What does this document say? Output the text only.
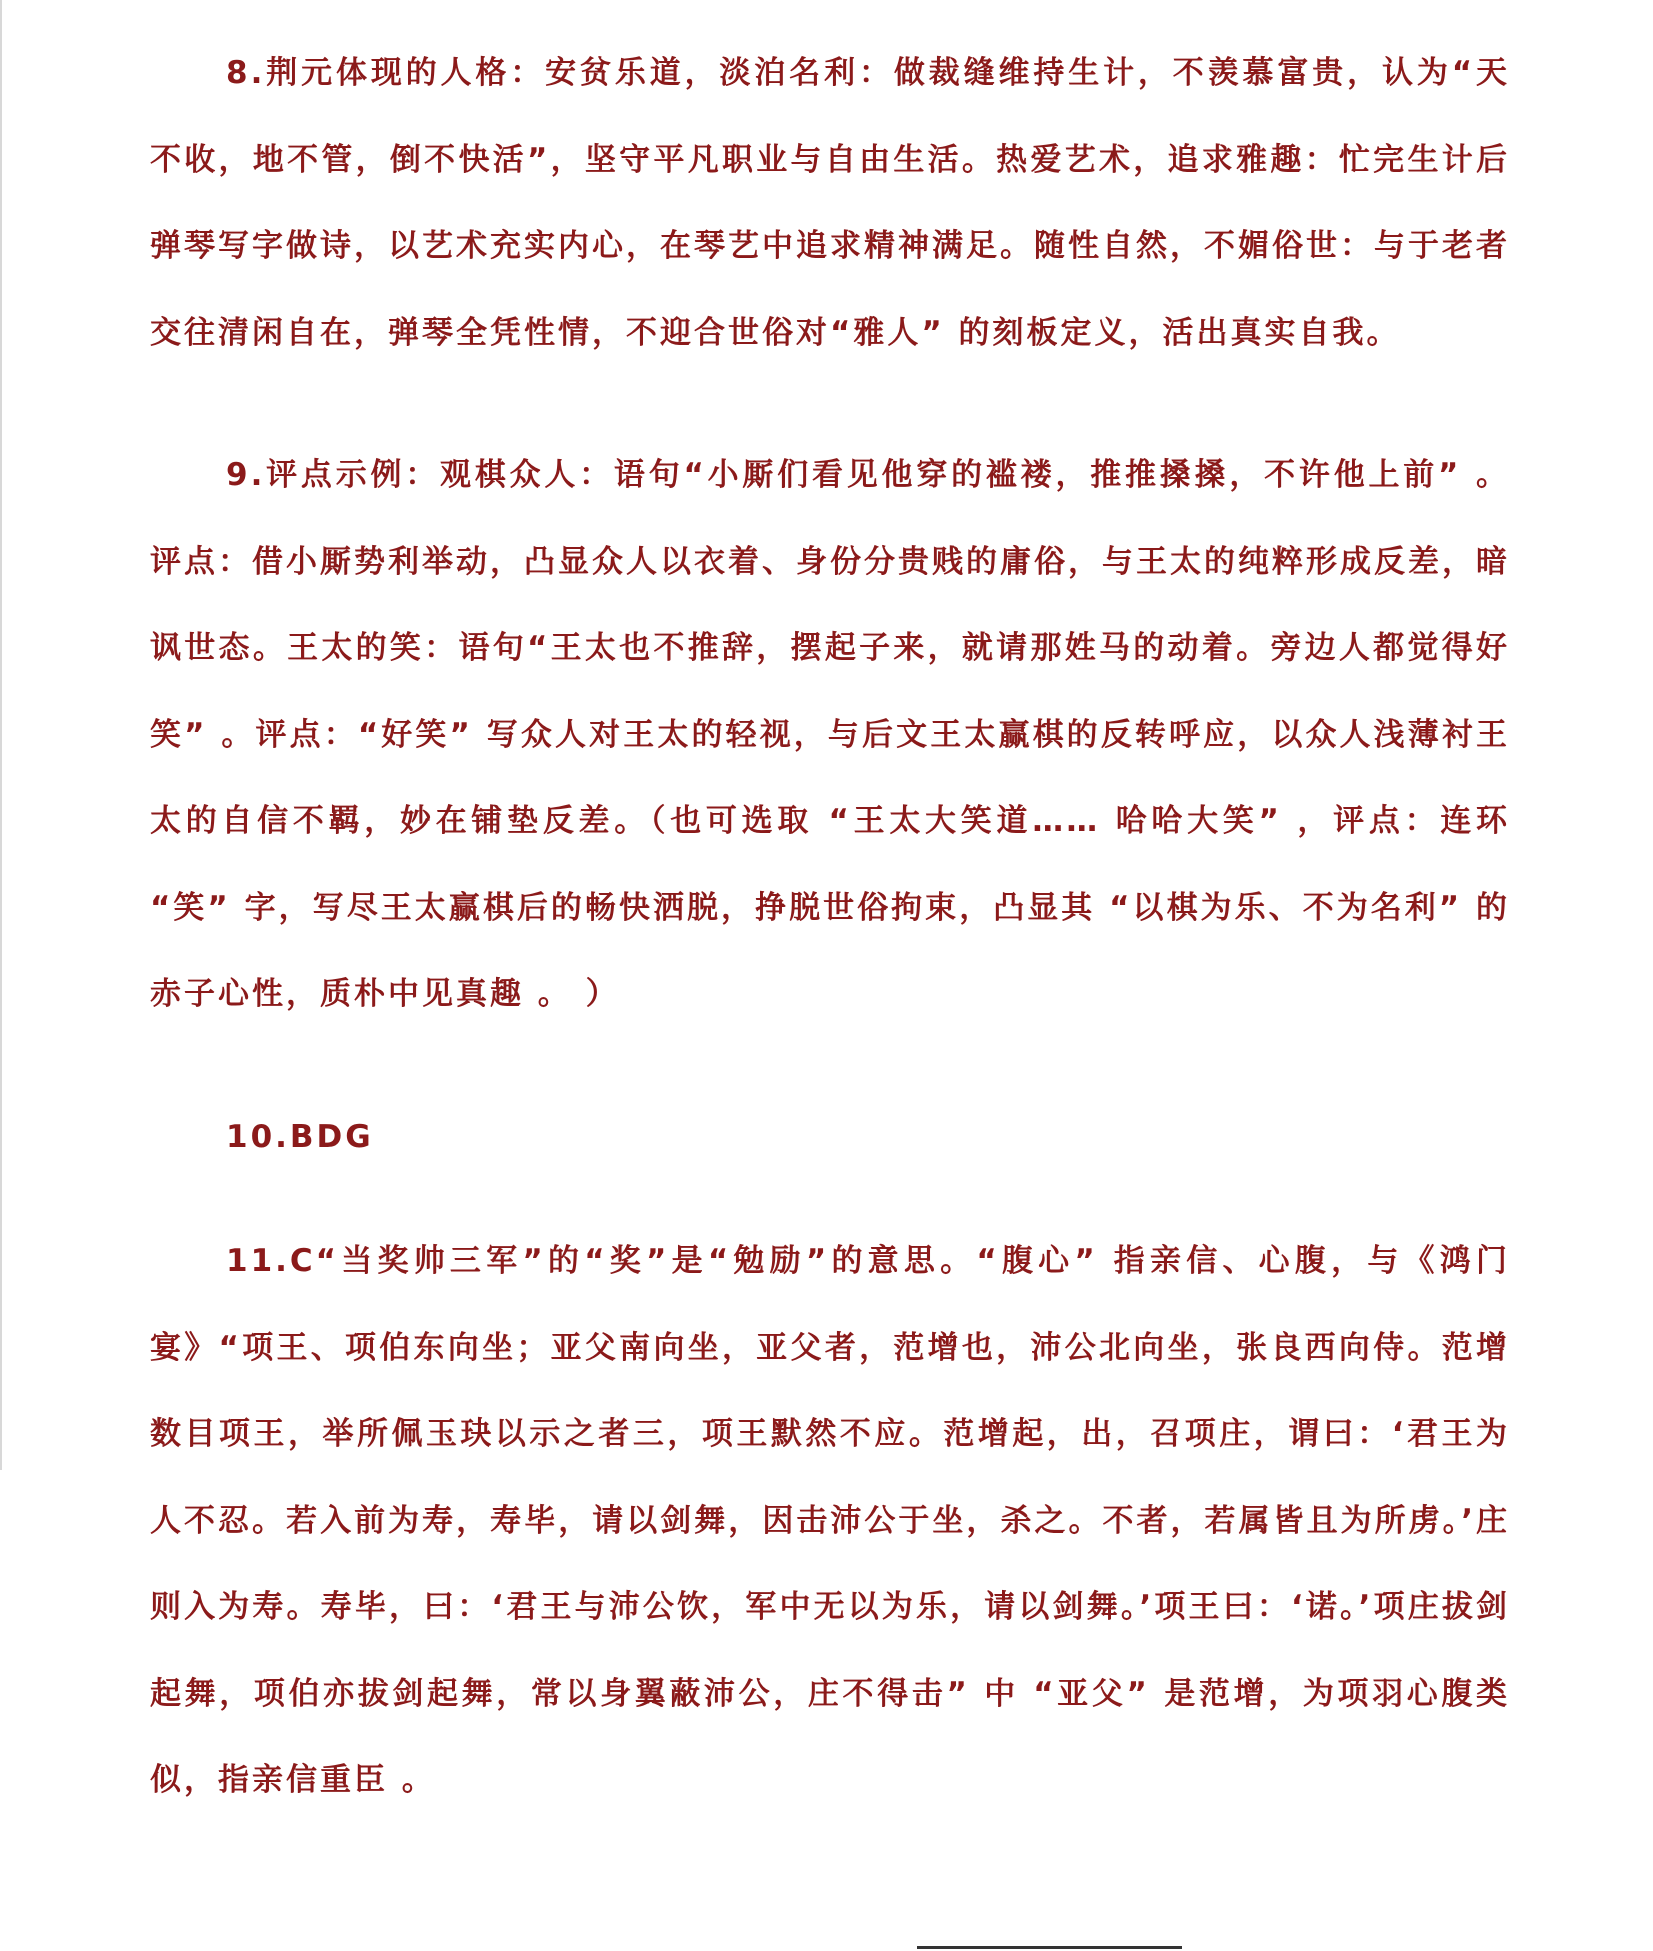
8.荆元体现的人格：安贫乐道，淡泊名利：做裁缝维持生计，不羡慕富贵，认为“天不收，地不管，倒不快活”，坚守平凡职业与自由生活。热爱艺术，追求雅趣：忙完生计后弹琴写字做诗，以艺术充实内心，在琴艺中追求精神满足。随性自然，不媚俗世：与于老者交往清闲自在，弹琴全凭性情，不迎合世俗对“雅人” 的刻板定义，活出真实自我。

9.评点示例：观棋众人：语句“小厮们看见他穿的褴褛，推推搡搡，不许他上前” 。评点：借小厮势利举动，凸显众人以衣着、身份分贵贱的庸俗，与王太的纯粹形成反差，暗讽世态。王太的笑：语句“王太也不推辞，摆起子来，就请那姓马的动着。旁边人都觉得好笑” 。评点：“好笑” 写众人对王太的轻视，与后文王太赢棋的反转呼应，以众人浅薄衬王太的自信不羁，妙在铺垫反差。（也可选取 “王太大笑道…… 哈哈大笑” ，评点：连环 “笑” 字，写尽王太赢棋后的畅快洒脱，挣脱世俗拘束，凸显其 “以棋为乐、不为名利” 的赤子心性，质朴中见真趣 。 ）

10.BDG

11.C“当奖帅三军”的“奖”是“勉励”的意思。“腹心” 指亲信、心腹，与《鸿门宴》“项王、项伯东向坐；亚父南向坐，亚父者，范增也，沛公北向坐，张良西向侍。范增数目项王，举所佩玉玦以示之者三，项王默然不应。范增起，出，召项庄，谓曰：‘君王为人不忍。若入前为寿，寿毕，请以剑舞，因击沛公于坐，杀之。不者，若属皆且为所虏。’庄则入为寿。寿毕，曰：‘君王与沛公饮，军中无以为乐，请以剑舞。’项王曰：‘诺。’项庄拔剑起舞，项伯亦拔剑起舞，常以身翼蔽沛公，庄不得击” 中 “亚父” 是范增，为项羽心腹类似，指亲信重臣 。
